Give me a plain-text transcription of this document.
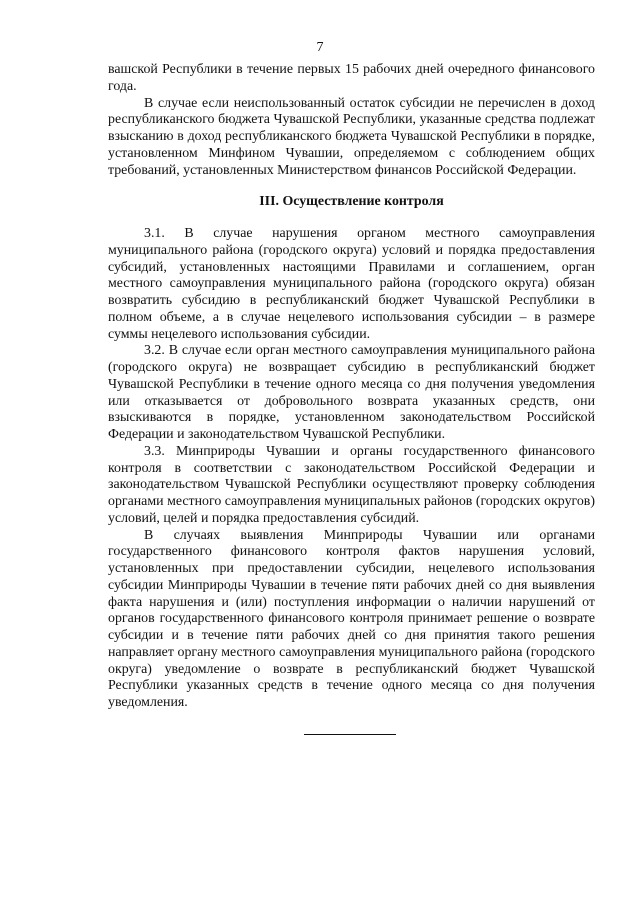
7

вашской Республики в течение первых 15 рабочих дней очередного финансового года.

В случае если неиспользованный остаток субсидии не перечислен в доход республиканского бюджета Чувашской Республики, указанные средства подлежат взысканию в доход республиканского бюджета Чувашской Республики в порядке, установленном Минфином Чувашии, определяемом с соблюдением общих требований, установленных Министерством финансов Российской Федерации.

III. Осуществление контроля

3.1. В случае нарушения органом местного самоуправления муниципального района (городского округа) условий и порядка предоставления субсидий, установленных настоящими Правилами и соглашением, орган местного самоуправления муниципального района (городского округа) обязан возвратить субсидию в республиканский бюджет Чувашской Республики в полном объеме, а в случае нецелевого использования субсидии – в размере суммы нецелевого использования субсидии.

3.2. В случае если орган местного самоуправления муниципального района (городского округа) не возвращает субсидию в республиканский бюджет Чувашской Республики в течение одного месяца со дня получения уведомления или отказывается от добровольного возврата указанных средств, они взыскиваются в порядке, установленном законодательством Российской Федерации и законодательством Чувашской Республики.

3.3. Минприроды Чувашии и органы государственного финансового контроля в соответствии с законодательством Российской Федерации и законодательством Чувашской Республики осуществляют проверку соблюдения органами местного самоуправления муниципальных районов (городских округов) условий, целей и порядка предоставления субсидий.

В случаях выявления Минприроды Чувашии или органами государственного финансового контроля фактов нарушения условий, установленных при предоставлении субсидии, нецелевого использования субсидии Минприроды Чувашии в течение пяти рабочих дней со дня выявления факта нарушения и (или) поступления информации о наличии нарушений от органов государственного финансового контроля принимает решение о возврате субсидии и в течение пяти рабочих дней со дня принятия такого решения направляет органу местного самоуправления муниципального района (городского округа) уведомление о возврате в республиканский бюджет Чувашской Республики указанных средств в течение одного месяца со дня получения уведомления.
